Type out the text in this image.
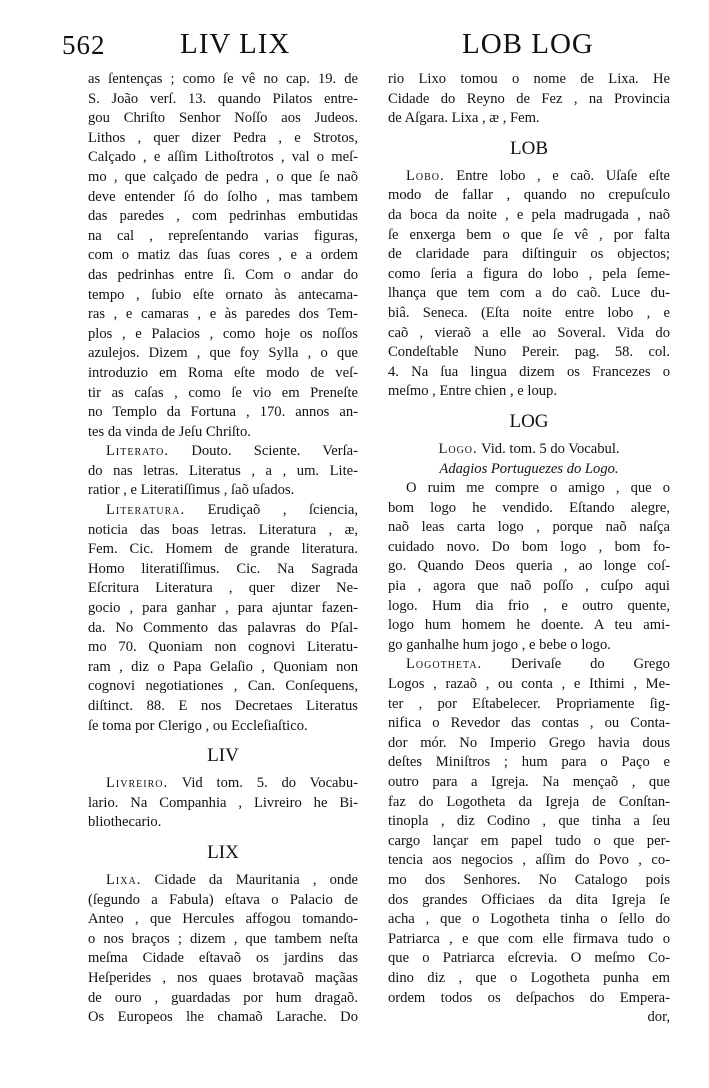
562	LIV LIX	LOB LOG
as ſentenças ; como ſe vê no cap. 19. de
S. João verſ. 13. quando Pilatos entre-
gou Chriſto Senhor Noſſo aos Judeos.
Lithos , quer dizer Pedra , e Strotos,
Calçado , e aſſim Lithoſtrotos , val o meſ-
mo , que calçado de pedra , o que ſe naõ
deve entender ſó do ſolho , mas tambem
das paredes , com pedrinhas embutidas
na cal , repreſentando varias figuras,
com o matiz das ſuas cores , e a ordem
das pedrinhas entre ſi. Com o andar do
tempo , ſubio eſte ornato às antecama-
ras , e camaras , e às paredes dos Tem-
plos , e Palacios , como hoje os noſſos
azulejos. Dizem , que foy Sylla , o que
introduzio em Roma eſte modo de veſ-
tir as caſas , como ſe vio em Preneſte
no Templo da Fortuna , 170. annos an-
tes da vinda de Jeſu Chriſto.
Literato. Douto. Sciente. Verſa-
do nas letras. Literatus , a , um. Lite-
ratior , e Literatiſſimus , ſaõ uſados.
Literatura. Erudiçaõ , ſciencia,
noticia das boas letras. Literatura , æ,
Fem. Cic. Homem de grande literatura.
Homo literatiſſimus. Cic. Na Sagrada
Eſcritura Literatura , quer dizer Ne-
gocio , para ganhar , para ajuntar fazen-
da. No Commento das palavras do Pſal-
mo 70. Quoniam non cognovi Literatu-
ram , diz o Papa Gelaſio , Quoniam non
cognovi negotiationes , Can. Conſequens,
diſtinct. 88. E nos Decretaes Literatus
ſe toma por Clerigo , ou Eccleſiaſtico.
LIV
Livreiro. Vid tom. 5. do Vocabu-
lario. Na Companhia , Livreiro he Bi-
bliothecario.
LIX
Lixa. Cidade da Mauritania , onde
(ſegundo a Fabula) eſtava o Palacio de
Anteo , que Hercules affogou tomando-
o nos braços ; dizem , que tambem neſta
meſma Cidade eſtavaõ os jardins das
Heſperides , nos quaes brotavaõ maçãas
de ouro , guardadas por hum dragaõ.
Os Europeos lhe chamaõ Larache. Do
rio Lixo tomou o nome de Lixa. He
Cidade do Reyno de Fez , na Provincia
de Aſgara. Lixa , æ , Fem.
LOB
Lobo. Entre lobo , e caõ. Uſaſe eſte
modo de fallar , quando no crepuſculo
da boca da noite , e pela madrugada , naõ
ſe enxerga bem o que ſe vê , por falta
de claridade para diſtinguir os objectos;
como ſeria a figura do lobo , pela ſeme-
lhança que tem com a do caõ. Luce du-
biâ. Seneca. (Eſta noite entre lobo , e
caõ , vieraõ a elle ao Soveral. Vida do
Condeſtable Nuno Pereir. pag. 58. col.
4. Na ſua lingua dizem os Francezes o
meſmo , Entre chien , e loup.
LOG
Logo. Vid. tom. 5 do Vocabul.
Adagios Portuguezes do Logo.
O ruim me compre o amigo , que o
bom logo he vendido. Eſtando alegre,
naõ leas carta logo , porque naõ naſça
cuidado novo. Do bom logo , bom fo-
go. Quando Deos queria , ao longe coſ-
pia , agora que naõ poſſo , cuſpo aqui
logo. Hum dia frio , e outro quente,
logo hum homem he doente. A teu ami-
go ganhalhe hum jogo , e bebe o logo.
Logotheta. Derivaſe do Grego
Logos , razaõ , ou conta , e Ithimi , Me-
ter , por Eſtabelecer. Propriamente ſig-
nifica o Revedor das contas , ou Conta-
dor mór. No Imperio Grego havia dous
deſtes Miniſtros ; hum para o Paço e
outro para a Igreja. Na mençaõ , que
faz do Logotheta da Igreja de Conſtan-
tinopla , diz Codino , que tinha a ſeu
cargo lançar em papel tudo o que per-
tencia aos negocios , aſſim do Povo , co-
mo dos Senhores. No Catalogo pois
dos grandes Officiaes da dita Igreja ſe
acha , que o Logotheta tinha o ſello do
Patriarca , e que com elle firmava tudo o
que o Patriarca eſcrevia. O meſmo Co-
dino diz , que o Logotheta punha em
ordem todos os deſpachos do Empera-
dor,
